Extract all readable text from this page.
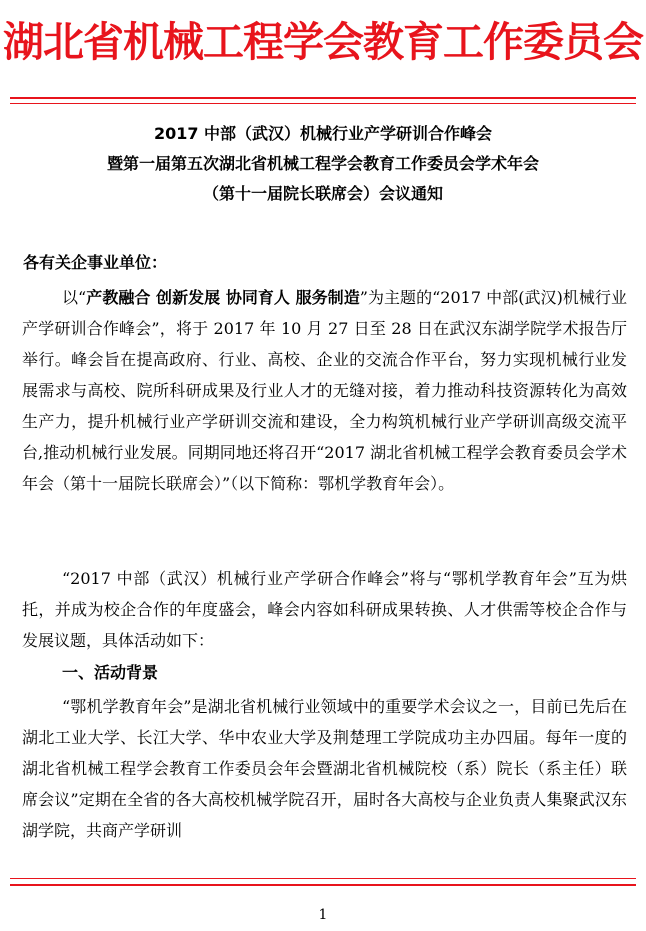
湖北省机械工程学会教育工作委员会
2017 中部（武汉）机械行业产学研训合作峰会
暨第一届第五次湖北省机械工程学会教育工作委员会学术年会
（第十一届院长联席会）会议通知
各有关企事业单位：
以“产教融合 创新发展 协同育人 服务制造”为主题的“2017 中部(武汉)机械行业产学研训合作峰会”，将于 2017 年 10 月 27 日至 28 日在武汉东湖学院学术报告厅举行。峰会旨在提高政府、行业、高校、企业的交流合作平台，努力实现机械行业发展需求与高校、院所科研成果及行业人才的无缝对接，着力推动科技资源转化为高效生产力，提升机械行业产学研训交流和建设，全力构筑机械行业产学研训高级交流平台,推动机械行业发展。同期同地还将召开“2017 湖北省机械工程学会教育委员会学术年会（第十一届院长联席会）”（以下简称：鄂机学教育年会）。
“2017 中部（武汉）机械行业产学研合作峰会”将与“鄂机学教育年会”互为烘托，并成为校企合作的年度盛会，峰会内容如科研成果转换、人才供需等校企合作与发展议题，具体活动如下：
一、活动背景
“鄂机学教育年会”是湖北省机械行业领域中的重要学术会议之一，目前已先后在湖北工业大学、长江大学、华中农业大学及荆楚理工学院成功主办四届。每年一度的湖北省机械工程学会教育工作委员会年会暨湖北省机械院校（系）院长（系主任）联席会议”定期在全省的各大高校机械学院召开，届时各大高校与企业负责人集聚武汉东湖学院，共商产学研训
1
